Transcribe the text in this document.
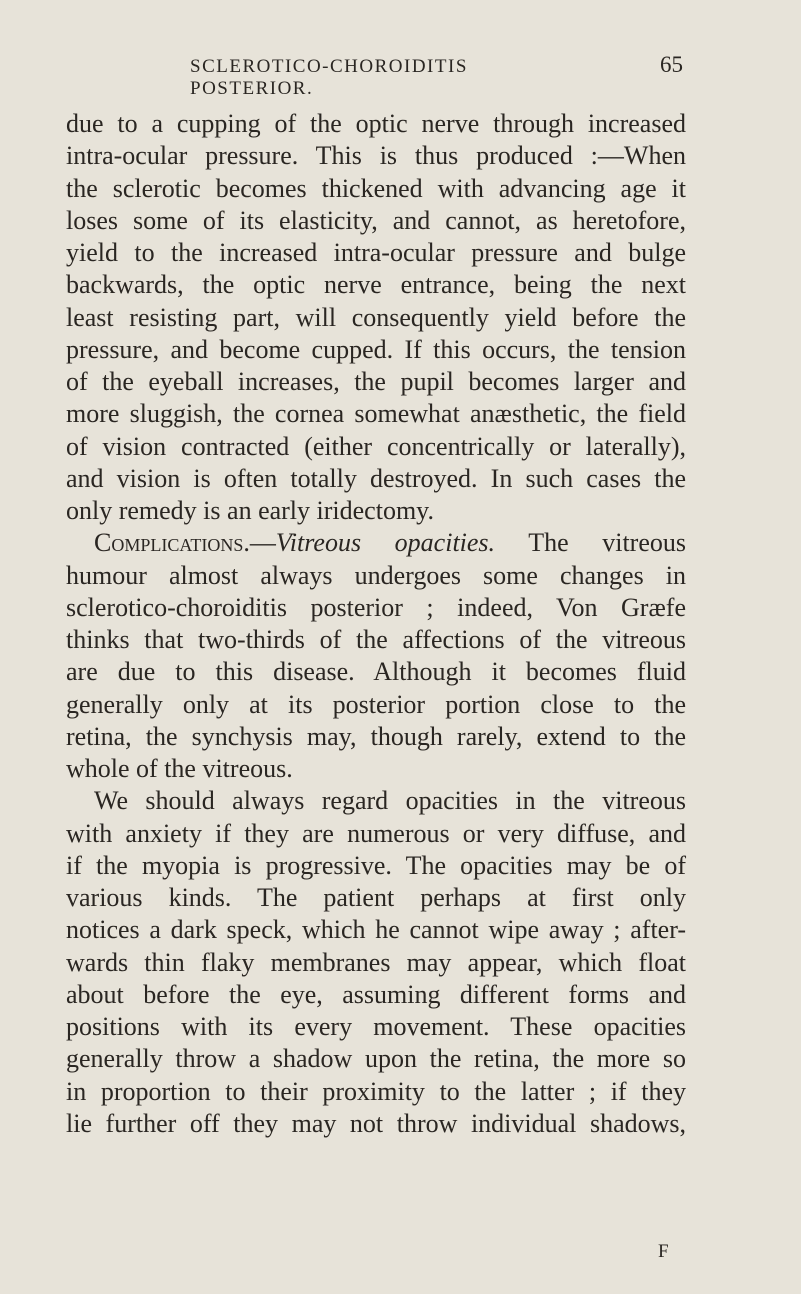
SCLEROTICO-CHOROIDITIS POSTERIOR.
65
due to a cupping of the optic nerve through increased
intra-ocular pressure. This is thus produced :—When
the sclerotic becomes thickened with advancing age it
loses some of its elasticity, and cannot, as heretofore,
yield to the increased intra-ocular pressure and bulge
backwards, the optic nerve entrance, being the next
least resisting part, will consequently yield before the
pressure, and become cupped. If this occurs, the tension
of the eyeball increases, the pupil becomes larger and
more sluggish, the cornea somewhat anæsthetic, the field
of vision contracted (either concentrically or laterally),
and vision is often totally destroyed. In such cases the
only remedy is an early iridectomy.
Complications.—Vitreous opacities. The vitreous
humour almost always undergoes some changes in
sclerotico-choroiditis posterior ; indeed, Von Græfe
thinks that two-thirds of the affections of the vitreous
are due to this disease. Although it becomes fluid
generally only at its posterior portion close to the
retina, the synchysis may, though rarely, extend to the
whole of the vitreous.
We should always regard opacities in the vitreous
with anxiety if they are numerous or very diffuse, and
if the myopia is progressive. The opacities may be of
various kinds. The patient perhaps at first only
notices a dark speck, which he cannot wipe away ; after-
wards thin flaky membranes may appear, which float
about before the eye, assuming different forms and
positions with its every movement. These opacities
generally throw a shadow upon the retina, the more so
in proportion to their proximity to the latter ; if they
lie further off they may not throw individual shadows,
F
